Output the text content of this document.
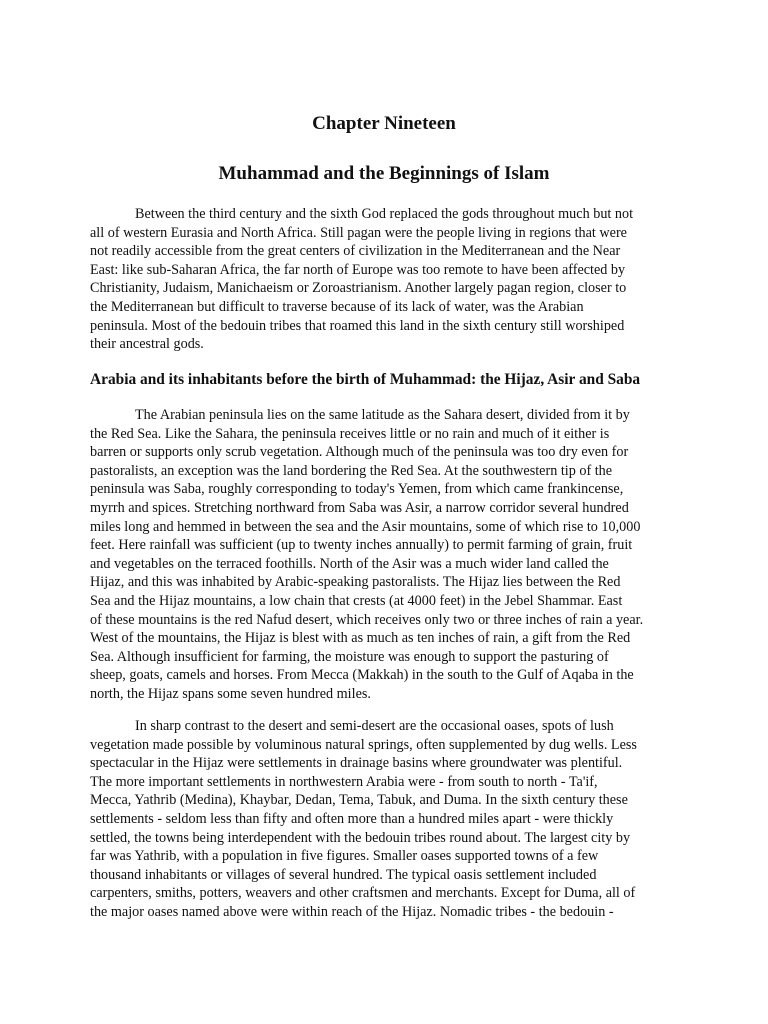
Chapter Nineteen
Muhammad and the Beginnings of Islam

Between the third century and the sixth God replaced the gods throughout much but not
all of western Eurasia and North Africa. Still pagan were the people living in regions that were
not readily accessible from the great centers of civilization in the Mediterranean and the Near
East: like sub-Saharan Africa, the far north of Europe was too remote to have been affected by
Christianity, Judaism, Manichaeism or Zoroastrianism. Another largely pagan region, closer to
the Mediterranean but difficult to traverse because of its lack of water, was the Arabian
peninsula. Most of the bedouin tribes that roamed this land in the sixth century still worshiped
their ancestral gods.

Arabia and its inhabitants before the birth of Muhammad: the Hijaz, Asir and Saba

The Arabian peninsula lies on the same latitude as the Sahara desert, divided from it by
the Red Sea. Like the Sahara, the peninsula receives little or no rain and much of it either is
barren or supports only scrub vegetation. Although much of the peninsula was too dry even for
pastoralists, an exception was the land bordering the Red Sea. At the southwestern tip of the
peninsula was Saba, roughly corresponding to today's Yemen, from which came frankincense,
myrrh and spices. Stretching northward from Saba was Asir, a narrow corridor several hundred
miles long and hemmed in between the sea and the Asir mountains, some of which rise to 10,000
feet. Here rainfall was sufficient (up to twenty inches annually) to permit farming of grain, fruit
and vegetables on the terraced foothills. North of the Asir was a much wider land called the
Hijaz, and this was inhabited by Arabic-speaking pastoralists. The Hijaz lies between the Red
Sea and the Hijaz mountains, a low chain that crests (at 4000 feet) in the Jebel Shammar. East
of these mountains is the red Nafud desert, which receives only two or three inches of rain a year.
West of the mountains, the Hijaz is blest with as much as ten inches of rain, a gift from the Red
Sea. Although insufficient for farming, the moisture was enough to support the pasturing of
sheep, goats, camels and horses. From Mecca (Makkah) in the south to the Gulf of Aqaba in the
north, the Hijaz spans some seven hundred miles.

In sharp contrast to the desert and semi-desert are the occasional oases, spots of lush
vegetation made possible by voluminous natural springs, often supplemented by dug wells. Less
spectacular in the Hijaz were settlements in drainage basins where groundwater was plentiful.
The more important settlements in northwestern Arabia were - from south to north - Ta'if,
Mecca, Yathrib (Medina), Khaybar, Dedan, Tema, Tabuk, and Duma. In the sixth century these
settlements - seldom less than fifty and often more than a hundred miles apart - were thickly
settled, the towns being interdependent with the bedouin tribes round about. The largest city by
far was Yathrib, with a population in five figures. Smaller oases supported towns of a few
thousand inhabitants or villages of several hundred. The typical oasis settlement included
carpenters, smiths, potters, weavers and other craftsmen and merchants. Except for Duma, all of
the major oases named above were within reach of the Hijaz. Nomadic tribes - the bedouin -
